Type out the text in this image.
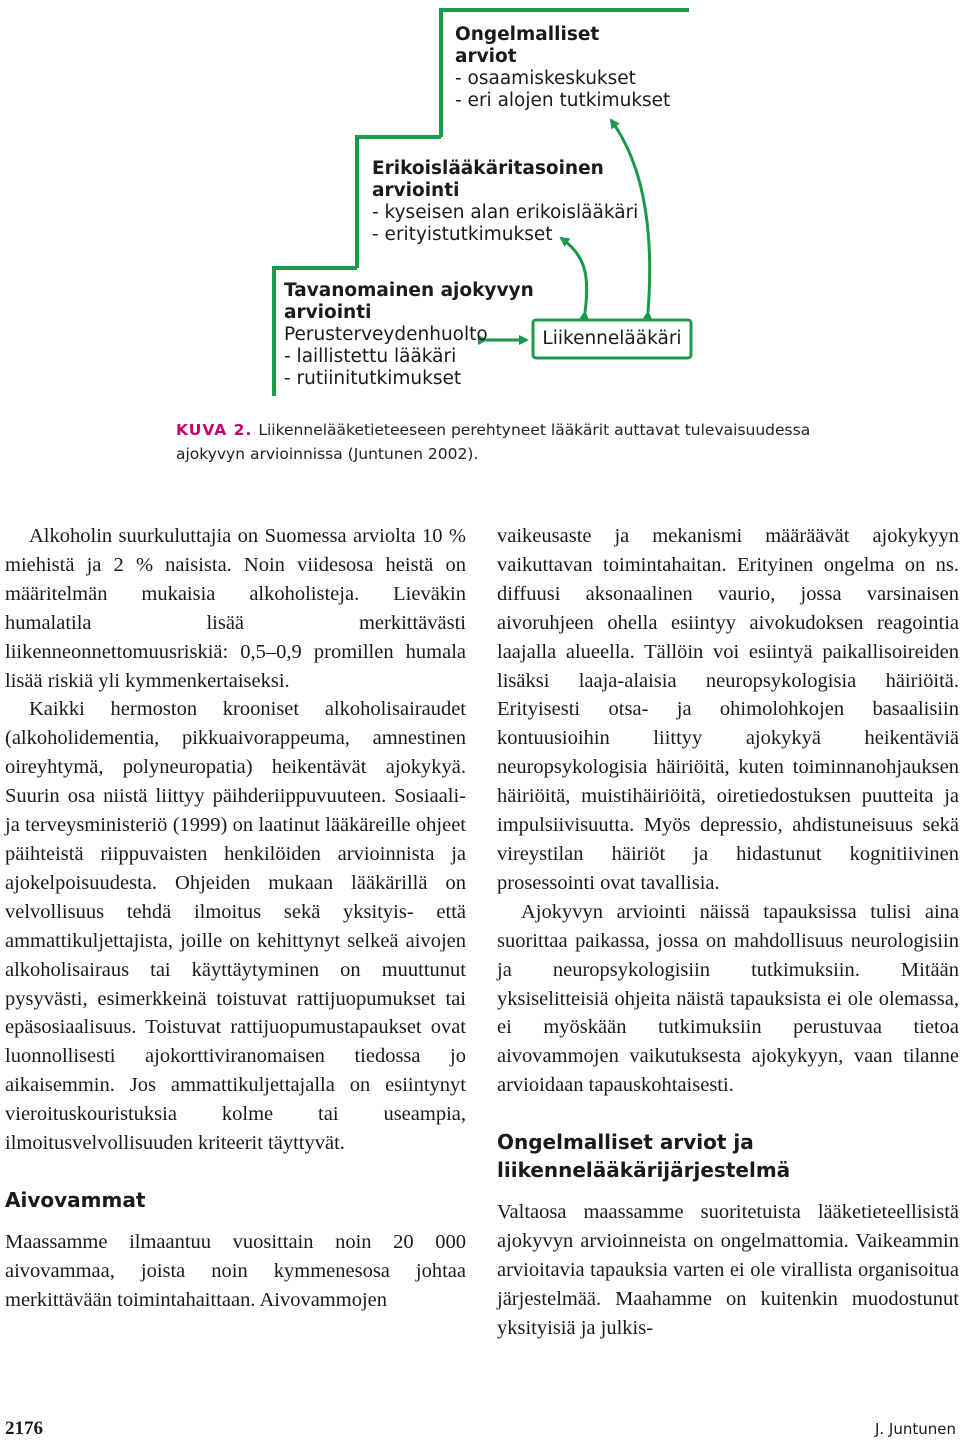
Ongelmalliset
arviot
- osaamiskeskukset
- eri alojen tutkimukset
Erikoislääkäritasoinen
arviointi
- kyseisen alan erikoislääkäri
- erityistutkimukset
Tavanomainen ajokyvyn
arviointi
Perusterveydenhuolto
- laillistettu lääkäri
- rutiinitutkimukset
Liikennelääkäri
KUVA 2. Liikennelääketieteeseen perehtyneet lääkärit auttavat tulevaisuudessa ajokyvyn arvioinnissa (Juntunen 2002).

Alkoholin suurkuluttajia on Suomessa arviolta 10 % miehistä ja 2 % naisista. Noin viidesosa heistä on määritelmän mukaisia alkoholisteja. Lieväkin humalatila lisää merkittävästi liikenneonnettomuusriskiä: 0,5–0,9 promillen humala lisää riskiä yli kymmenkertaiseksi.

Kaikki hermoston krooniset alkoholisairaudet (alkoholidementia, pikkuaivorappeuma, amnestinen oireyhtymä, polyneuropatia) heikentävät ajokykyä. Suurin osa niistä liittyy päihderiippuvuuteen. Sosiaali- ja terveysministeriö (1999) on laatinut lääkäreille ohjeet päihteistä riippuvaisten henkilöiden arvioinnista ja ajokelpoisuudesta. Ohjeiden mukaan lääkärillä on velvollisuus tehdä ilmoitus sekä yksityis- että ammattikuljettajista, joille on kehittynyt selkeä aivojen alkoholisairaus tai käyttäytyminen on muuttunut pysyvästi, esimerkkeinä toistuvat rattijuopumukset tai epäsosiaalisuus. Toistuvat rattijuopumustapaukset ovat luonnollisesti ajokorttiviranomaisen tiedossa jo aikaisemmin. Jos ammattikuljettajalla on esiintynyt vieroituskouristuksia kolme tai useampia, ilmoitusvelvollisuuden kriteerit täyttyvät.

Aivovammat

Maassamme ilmaantuu vuosittain noin 20 000 aivovammaa, joista noin kymmenesosa johtaa merkittävään toimintahaittaan. Aivovammojen

vaikeusaste ja mekanismi määräävät ajokykyyn vaikuttavan toimintahaitan. Erityinen ongelma on ns. diffuusi aksonaalinen vaurio, jossa varsinaisen aivoruhjeen ohella esiintyy aivokudoksen reagointia laajalla alueella. Tällöin voi esiintyä paikallisoireiden lisäksi laaja-alaisia neuropsykologisia häiriöitä. Erityisesti otsa- ja ohimolohkojen basaalisiin kontuusioihin liittyy ajokykyä heikentäviä neuropsykologisia häiriöitä, kuten toiminnanohjauksen häiriöitä, muistihäiriöitä, oiretiedostuksen puutteita ja impulsiivisuutta. Myös depressio, ahdistuneisuus sekä vireystilan häiriöt ja hidastunut kognitiivinen prosessointi ovat tavallisia.

Ajokyvyn arviointi näissä tapauksissa tulisi aina suorittaa paikassa, jossa on mahdollisuus neurologisiin ja neuropsykologisiin tutkimuksiin. Mitään yksiselitteisiä ohjeita näistä tapauksista ei ole olemassa, ei myöskään tutkimuksiin perustuvaa tietoa aivovammojen vaikutuksesta ajokykyyn, vaan tilanne arvioidaan tapauskohtaisesti.

Ongelmalliset arviot ja liikennelääkärijärjestelmä

Valtaosa maassamme suoritetuista lääketieteellisistä ajokyvyn arvioinneista on ongelmattomia. Vaikeammin arvioitavia tapauksia varten ei ole virallista organisoitua järjestelmää. Maahamme on kuitenkin muodostunut yksityisiä ja julkis-

2176	J. Juntunen
